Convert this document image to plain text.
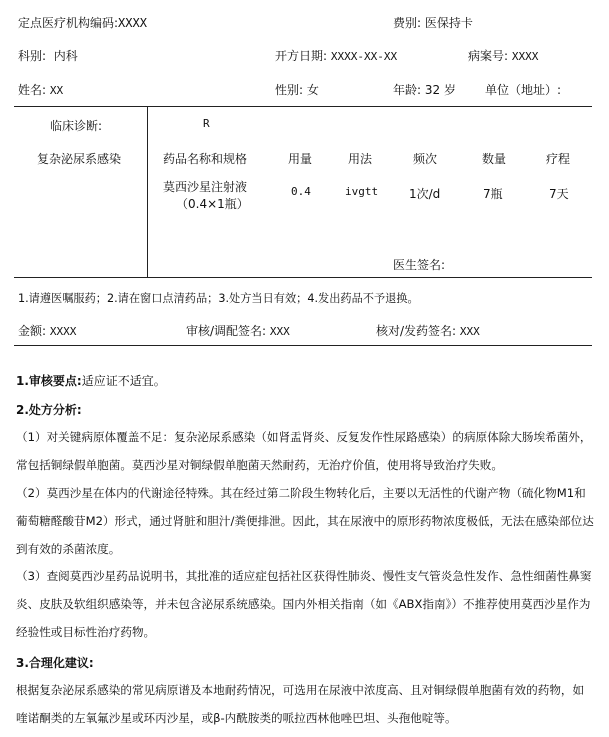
定点医疗机构编码:XXXX	费别: 医保持卡
科别: 内科	开方日期: XXXX-XX-XX	病案号: XXXX
姓名: XX	性别: 女	年龄: 32 岁 单位（地址）:
临床诊断:
复杂泌尿系感染
R
药品名称和规格	用量	用法	频次	数量	疗程
莫西沙星注射液
（0.4×1瓶）
0.4	ivgtt	1次/d	7瓶	7天
医生签名:
1.请遵医嘱服药；2.请在窗口点清药品；3.处方当日有效；4.发出药品不予退换。
金额: XXXX	审核/调配签名: XXX	核对/发药签名: XXX
1.审核要点:适应证不适宜。
2.处方分析:
（1）对关键病原体覆盖不足：复杂泌尿系感染（如肾盂肾炎、反复发作性尿路感染）的病原体除大肠埃希菌外，常包括铜绿假单胞菌。莫西沙星对铜绿假单胞菌天然耐药，无治疗价值，使用将导致治疗失败。
（2）莫西沙星在体内的代谢途径特殊。其在经过第二阶段生物转化后，主要以无活性的代谢产物（硫化物M1和葡萄糖醛酸苷M2）形式，通过肾脏和胆汁/粪便排泄。因此，其在尿液中的原形药物浓度极低，无法在感染部位达到有效的杀菌浓度。
（3）查阅莫西沙星药品说明书，其批准的适应症包括社区获得性肺炎、慢性支气管炎急性发作、急性细菌性鼻窦炎、皮肤及软组织感染等，并未包含泌尿系统感染。国内外相关指南（如《ABX指南》）不推荐使用莫西沙星作为经验性或目标性治疗药物。
3.合理化建议:
根据复杂泌尿系感染的常见病原谱及本地耐药情况，可选用在尿液中浓度高、且对铜绿假单胞菌有效的药物，如喹诺酮类的左氧氟沙星或环丙沙星，或β-内酰胺类的哌拉西林他唑巴坦、头孢他啶等。
